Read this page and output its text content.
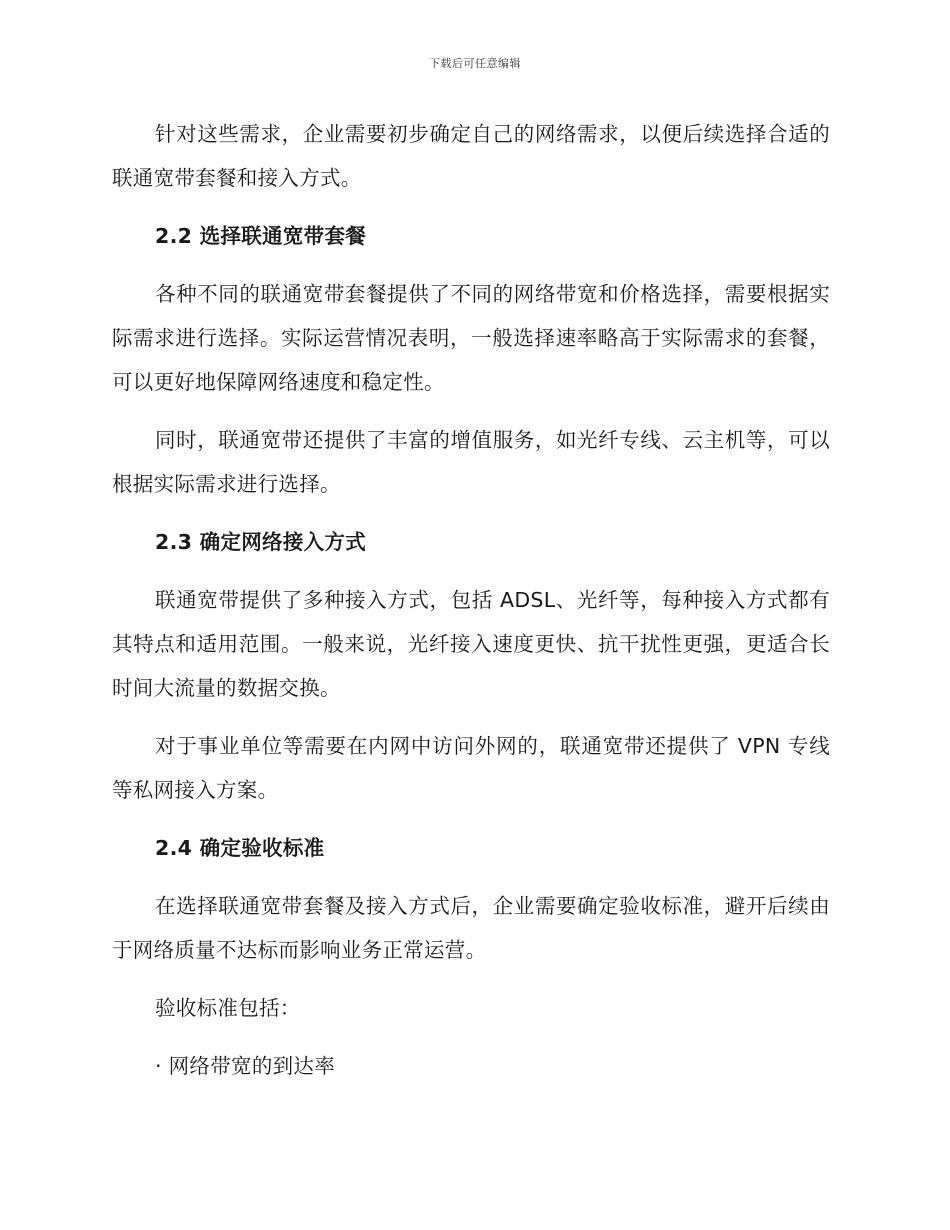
下载后可任意编辑

针对这些需求，企业需要初步确定自己的网络需求，以便后续选择合适的联通宽带套餐和接入方式。

2.2 选择联通宽带套餐

各种不同的联通宽带套餐提供了不同的网络带宽和价格选择，需要根据实际需求进行选择。实际运营情况表明，一般选择速率略高于实际需求的套餐，可以更好地保障网络速度和稳定性。

同时，联通宽带还提供了丰富的增值服务，如光纤专线、云主机等，可以根据实际需求进行选择。

2.3 确定网络接入方式

联通宽带提供了多种接入方式，包括 ADSL、光纤等，每种接入方式都有其特点和适用范围。一般来说，光纤接入速度更快、抗干扰性更强，更适合长时间大流量的数据交换。

对于事业单位等需要在内网中访问外网的，联通宽带还提供了 VPN 专线等私网接入方案。

2.4 确定验收标准

在选择联通宽带套餐及接入方式后，企业需要确定验收标准，避开后续由于网络质量不达标而影响业务正常运营。

验收标准包括：

· 网络带宽的到达率
